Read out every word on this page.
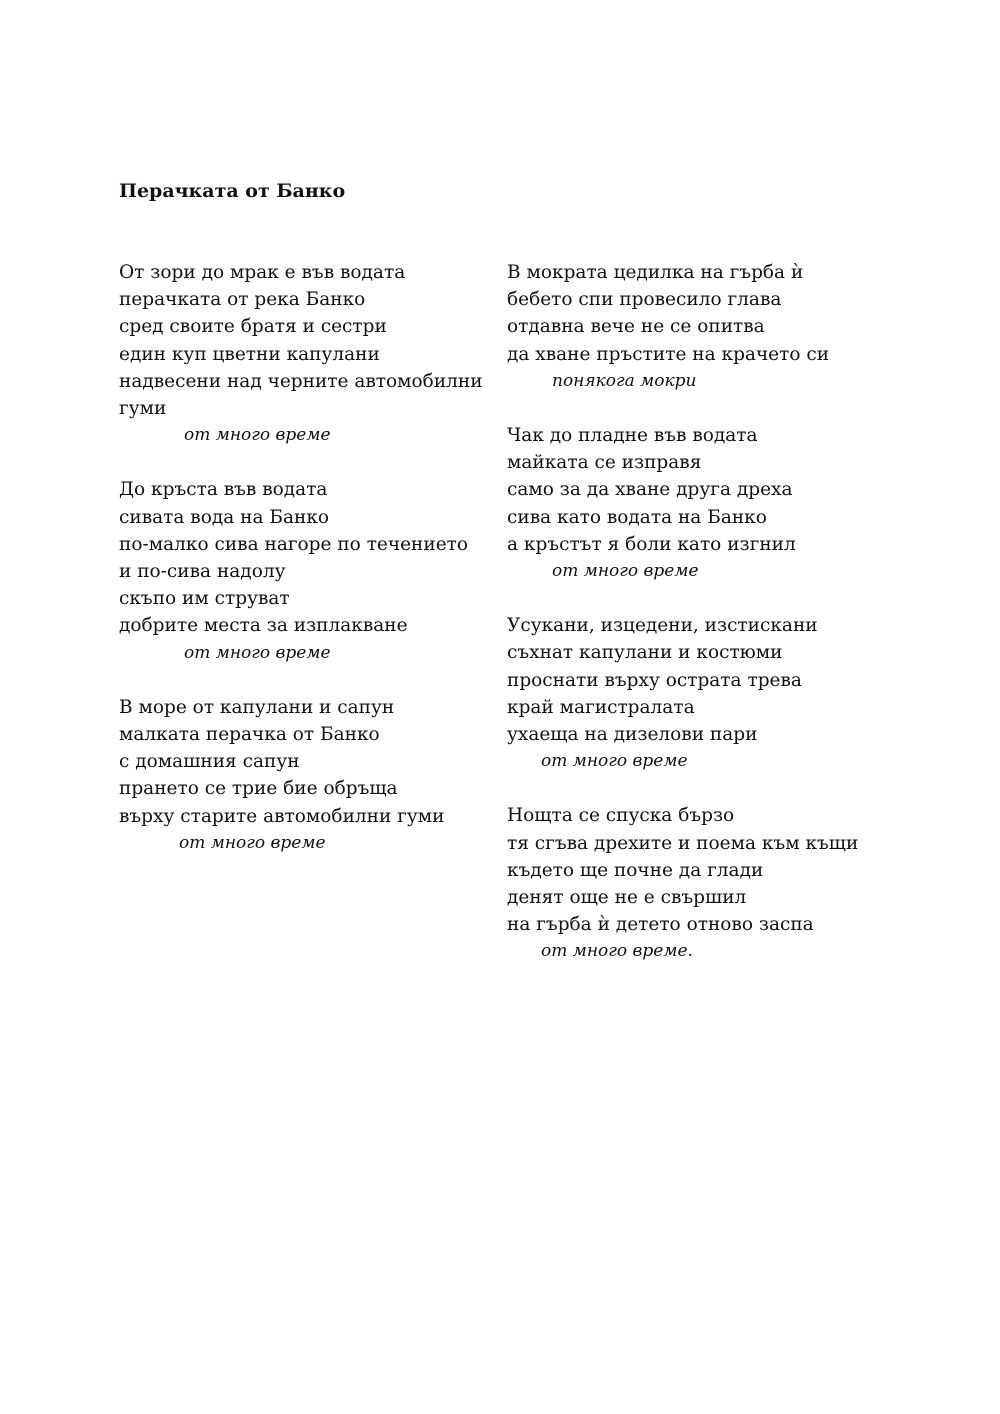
Перачката от Банко
От зори до мрак е във водата
перачката от река Банко
сред своите братя и сестри
един куп цветни капулани
надвесени над черните автомобилни
гуми
от много време
До кръста във водата
сивата вода на Банко
по-малко сива нагоре по течението
и по-сива надолу
скъпо им струват
добрите места за изплакване
от много време
В море от капулани и сапун
малката перачка от Банко
с домашния сапун
прането се трие бие обръща
върху старите автомобилни гуми
от много време
В мократа цедилка на гърба ѝ
бебето спи провесило глава
отдавна вече не се опитва
да хване пръстите на крачето си
понякога мокри
Чак до пладне във водата
майката се изправя
само за да хване друга дреха
сива като водата на Банко
а кръстът я боли като изгнил
от много време
Усукани, изцедени, изстискани
съхнат капулани и костюми
проснати върху острата трева
край магистралата
ухаеща на дизелови пари
от много време
Нощта се спуска бързо
тя сгъва дрехите и поема към къщи
където ще почне да глади
денят още не е свършил
на гърба ѝ детето отново заспа
от много време.
